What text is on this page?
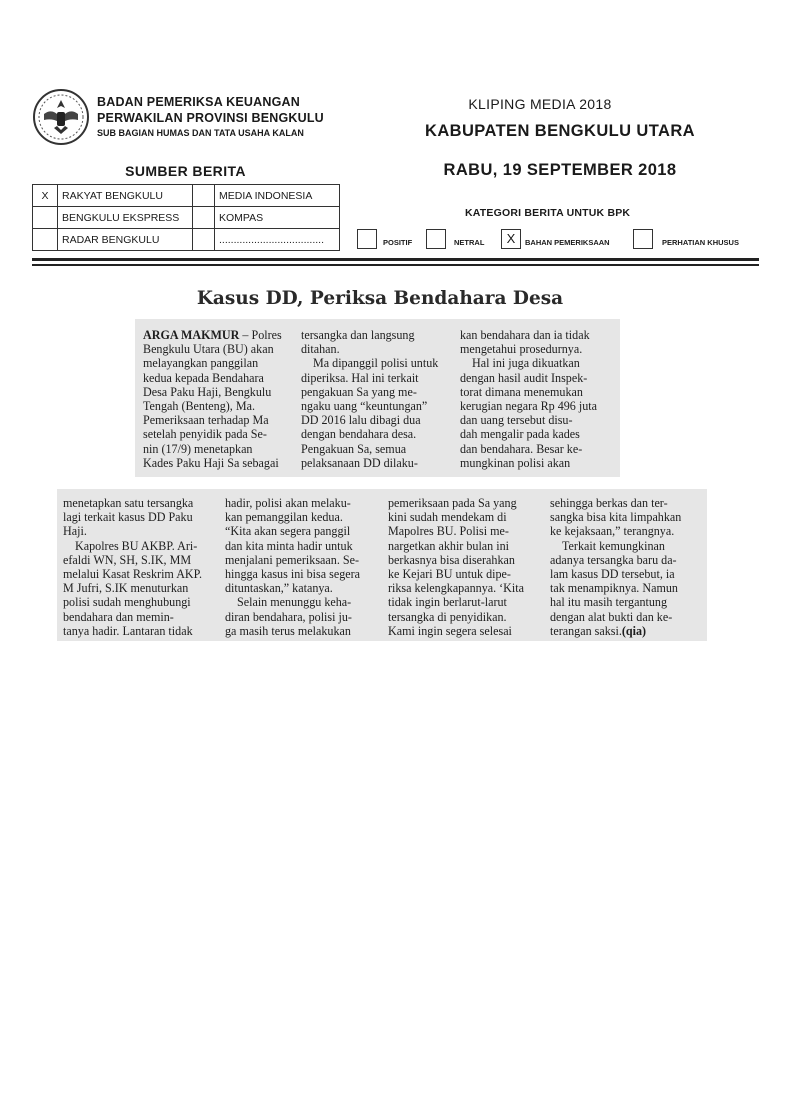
BADAN PEMERIKSA KEUANGAN
PERWAKILAN PROVINSI BENGKULU
SUB BAGIAN HUMAS DAN TATA USAHA KALAN
KLIPING MEDIA 2018
KABUPATEN BENGKULU UTARA
RABU, 19 SEPTEMBER 2018
SUMBER BERITA
X	RAKYAT BENGKULU		MEDIA INDONESIA
	BENGKULU EKSPRESS		KOMPAS
	RADAR BENGKULU		....................................
KATEGORI BERITA UNTUK BPK
POSITIF	NETRAL	X	BAHAN PEMERIKSAAN	PERHATIAN KHUSUS
Kasus DD, Periksa Bendahara Desa
ARGA MAKMUR – Polres
Bengkulu Utara (BU) akan
melayangkan panggilan
kedua kepada Bendahara
Desa Paku Haji, Bengkulu
Tengah (Benteng), Ma.
Pemeriksaan terhadap Ma
setelah penyidik pada Se-
nin (17/9) menetapkan
Kades Paku Haji Sa sebagai
tersangka dan langsung
ditahan.
Ma dipanggil polisi untuk
diperiksa. Hal ini terkait
pengakuan Sa yang me-
ngaku uang “keuntungan”
DD 2016 lalu dibagi dua
dengan bendahara desa.
Pengakuan Sa, semua
pelaksanaan DD dilaku-
kan bendahara dan ia tidak
mengetahui prosedurnya.
Hal ini juga dikuatkan
dengan hasil audit Inspek-
torat dimana menemukan
kerugian negara Rp 496 juta
dan uang tersebut disu-
dah mengalir pada kades
dan bendahara. Besar ke-
mungkinan polisi akan
menetapkan satu tersangka
lagi terkait kasus DD Paku
Haji.
Kapolres BU AKBP. Ari-
efaldi WN, SH, S.IK, MM
melalui Kasat Reskrim AKP.
M Jufri, S.IK menuturkan
polisi sudah menghubungi
bendahara dan memin-
tanya hadir. Lantaran tidak
hadir, polisi akan melaku-
kan pemanggilan kedua.
“Kita akan segera panggil
dan kita minta hadir untuk
menjalani pemeriksaan. Se-
hingga kasus ini bisa segera
dituntaskan,” katanya.
Selain menunggu keha-
diran bendahara, polisi ju-
ga masih terus melakukan
pemeriksaan pada Sa yang
kini sudah mendekam di
Mapolres BU. Polisi me-
nargetkan akhir bulan ini
berkasnya bisa diserahkan
ke Kejari BU untuk dipe-
riksa kelengkapannya. ‘Kita
tidak ingin berlarut-larut
tersangka di penyidikan.
Kami ingin segera selesai
sehingga berkas dan ter-
sangka bisa kita limpahkan
ke kejaksaan,” terangnya.
Terkait kemungkinan
adanya tersangka baru da-
lam kasus DD tersebut, ia
tak menampiknya. Namun
hal itu masih tergantung
dengan alat bukti dan ke-
terangan saksi.(qia)
